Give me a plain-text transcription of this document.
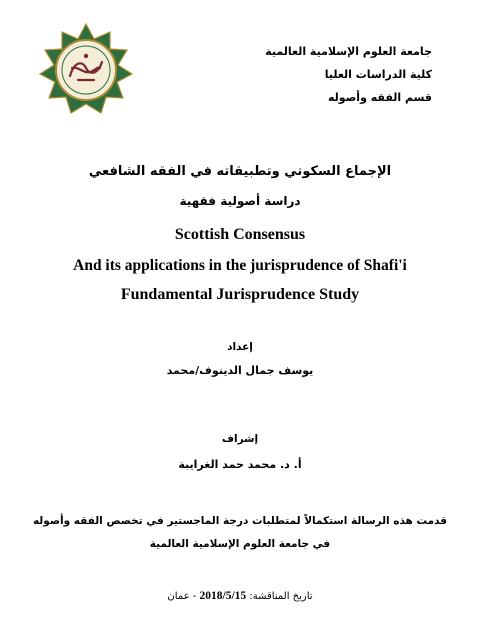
جامعة العلوم الإسلامية العالمية
كلية الدراسات العليا
قسم الفقه وأصوله

الإجماع السكوتي وتطبيقاته في الفقه الشافعي

دراسة أصولية فقهية

Scottish Consensus

And its applications in the jurisprudence of Shafi'i

Fundamental Jurisprudence Study

إعداد

يوسف جمال الدينوف/محمد

إشراف

أ. د. محمد حمد الغرايبة

قدمت هذه الرسالة استكمالاً لمتطلبات درجة الماجستير في تخصص الفقه وأصوله

في جامعة العلوم الإسلامية العالمية

تاريخ المناقشة: 2018/5/15 - عمان
